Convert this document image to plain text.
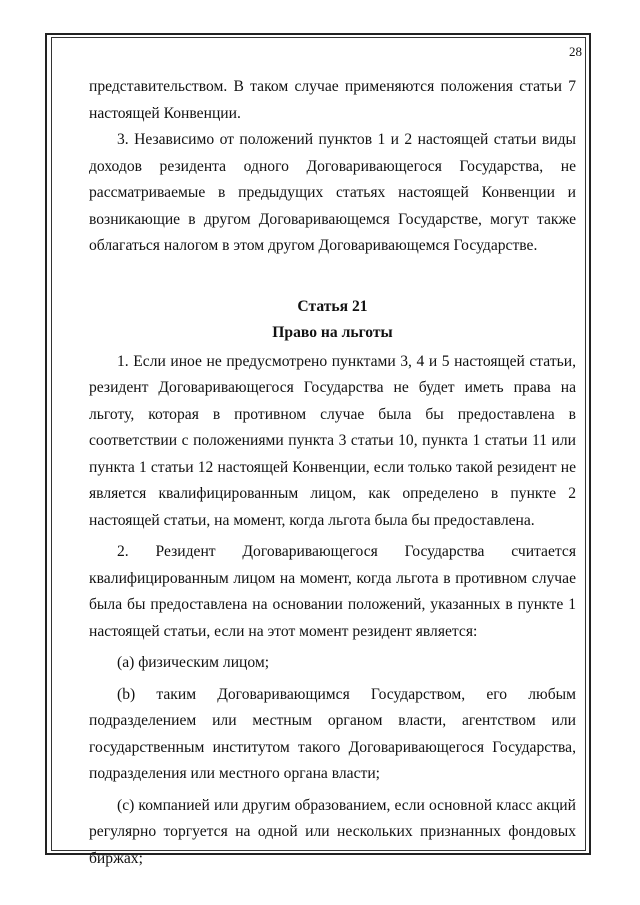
28

представительством. В таком случае применяются положения статьи 7 настоящей Конвенции.

3. Независимо от положений пунктов 1 и 2 настоящей статьи виды доходов резидента одного Договаривающегося Государства, не рассматриваемые в предыдущих статьях настоящей Конвенции и возникающие в другом Договаривающемся Государстве, могут также облагаться налогом в этом другом Договаривающемся Государстве.

Статья 21

Право на льготы

1. Если иное не предусмотрено пунктами 3, 4 и 5 настоящей статьи, резидент Договаривающегося Государства не будет иметь права на льготу, которая в противном случае была бы предоставлена в соответствии с положениями пункта 3 статьи 10, пункта 1 статьи 11 или пункта 1 статьи 12 настоящей Конвенции, если только такой резидент не является квалифицированным лицом, как определено в пункте 2 настоящей статьи, на момент, когда льгота была бы предоставлена.

2. Резидент Договаривающегося Государства считается квалифицированным лицом на момент, когда льгота в противном случае была бы предоставлена на основании положений, указанных в пункте 1 настоящей статьи, если на этот момент резидент является:

(a) физическим лицом;

(b) таким Договаривающимся Государством, его любым подразделением или местным органом власти, агентством или государственным институтом такого Договаривающегося Государства, подразделения или местного органа власти;

(c) компанией или другим образованием, если основной класс акций регулярно торгуется на одной или нескольких признанных фондовых биржах;
